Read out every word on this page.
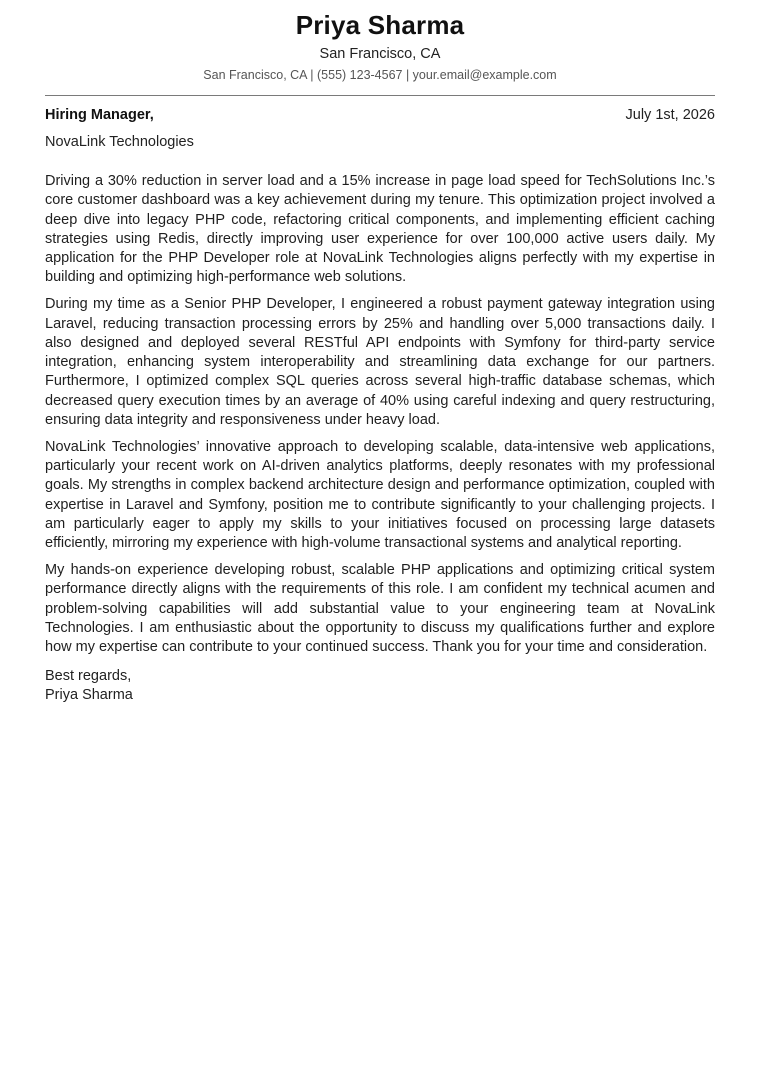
Priya Sharma
San Francisco, CA
San Francisco, CA | (555) 123-4567 | your.email@example.com
Hiring Manager,	July 1st, 2026
NovaLink Technologies

Driving a 30% reduction in server load and a 15% increase in page load speed for TechSolutions Inc.’s core customer dashboard was a key achievement during my tenure. This optimization project involved a deep dive into legacy PHP code, refactoring critical components, and implementing efficient caching strategies using Redis, directly improving user experience for over 100,000 active users daily. My application for the PHP Developer role at NovaLink Technologies aligns perfectly with my expertise in building and optimizing high-performance web solutions.

During my time as a Senior PHP Developer, I engineered a robust payment gateway integration using Laravel, reducing transaction processing errors by 25% and handling over 5,000 transactions daily. I also designed and deployed several RESTful API endpoints with Symfony for third-party service integration, enhancing system interoperability and streamlining data exchange for our partners. Furthermore, I optimized complex SQL queries across several high-traffic database schemas, which decreased query execution times by an average of 40% using careful indexing and query restructuring, ensuring data integrity and responsiveness under heavy load.

NovaLink Technologies’ innovative approach to developing scalable, data-intensive web applications, particularly your recent work on AI-driven analytics platforms, deeply resonates with my professional goals. My strengths in complex backend architecture design and performance optimization, coupled with expertise in Laravel and Symfony, position me to contribute significantly to your challenging projects. I am particularly eager to apply my skills to your initiatives focused on processing large datasets efficiently, mirroring my experience with high-volume transactional systems and analytical reporting.

My hands-on experience developing robust, scalable PHP applications and optimizing critical system performance directly aligns with the requirements of this role. I am confident my technical acumen and problem-solving capabilities will add substantial value to your engineering team at NovaLink Technologies. I am enthusiastic about the opportunity to discuss my qualifications further and explore how my expertise can contribute to your continued success. Thank you for your time and consideration.

Best regards,
Priya Sharma
